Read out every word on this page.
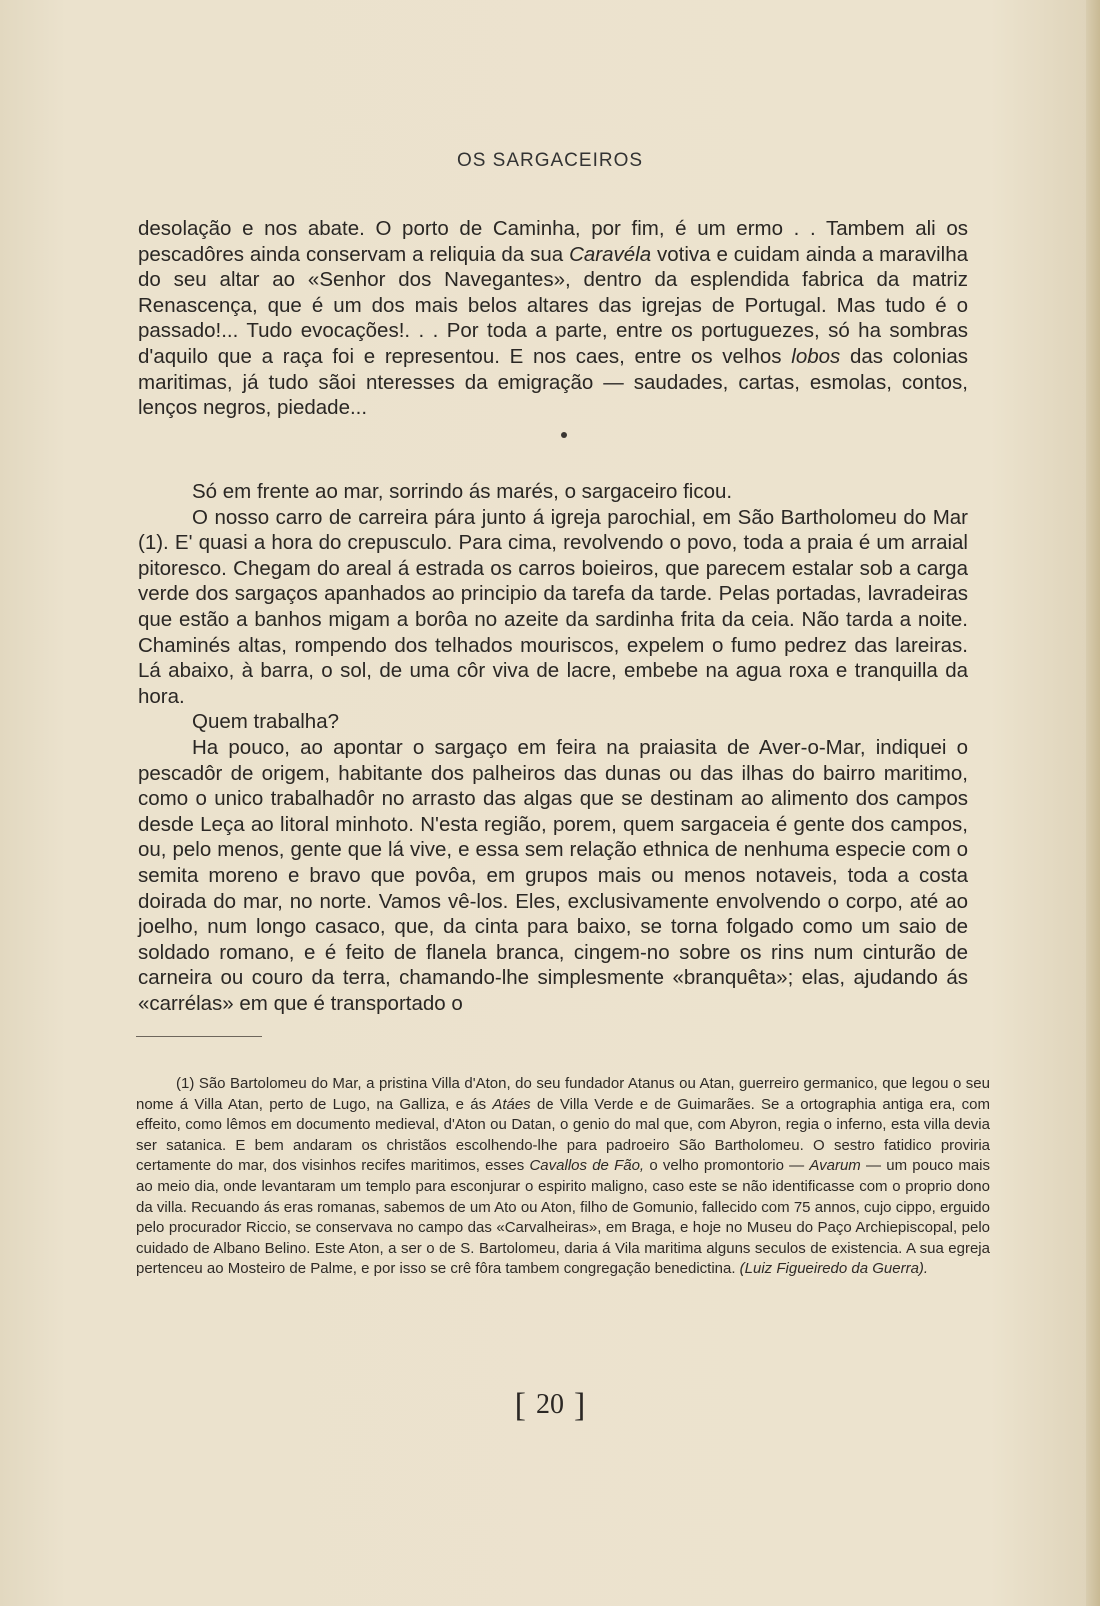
OS SARGACEIROS

desolação e nos abate. O porto de Caminha, por fim, é um ermo . . Tambem ali os pescadôres ainda conservam a reliquia da sua Caravéla votiva e cuidam ainda a maravilha do seu altar ao «Senhor dos Navegantes», dentro da esplendida fabrica da matriz Renascença, que é um dos mais belos altares das igrejas de Portugal. Mas tudo é o passado!... Tudo evocações!. . . Por toda a parte, entre os portuguezes, só ha sombras d'aquilo que a raça foi e representou. E nos caes, entre os velhos lobos das colonias maritimas, já tudo sãoi nteresses da emigração — saudades, cartas, esmolas, contos, lenços negros, piedade...

Só em frente ao mar, sorrindo ás marés, o sargaceiro ficou.

O nosso carro de carreira pára junto á igreja parochial, em São Bartholomeu do Mar (1). E' quasi a hora do crepusculo. Para cima, revolvendo o povo, toda a praia é um arraial pitoresco. Chegam do areal á estrada os carros boieiros, que parecem estalar sob a carga verde dos sargaços apanhados ao principio da tarefa da tarde. Pelas portadas, lavradeiras que estão a banhos migam a borôa no azeite da sardinha frita da ceia. Não tarda a noite. Chaminés altas, rompendo dos telhados mouriscos, expelem o fumo pedrez das lareiras. Lá abaixo, à barra, o sol, de uma côr viva de lacre, embebe na agua roxa e tranquilla da hora.

Quem trabalha?

Ha pouco, ao apontar o sargaço em feira na praiasita de Aver-o-Mar, indiquei o pescadôr de origem, habitante dos palheiros das dunas ou das ilhas do bairro maritimo, como o unico trabalhadôr no arrasto das algas que se destinam ao alimento dos campos desde Leça ao litoral minhoto. N'esta região, porem, quem sargaceia é gente dos campos, ou, pelo menos, gente que lá vive, e essa sem relação ethnica de nenhuma especie com o semita moreno e bravo que povôa, em grupos mais ou menos notaveis, toda a costa doirada do mar, no norte. Vamos vê-los. Eles, exclusivamente envolvendo o corpo, até ao joelho, num longo casaco, que, da cinta para baixo, se torna folgado como um saio de soldado romano, e é feito de flanela branca, cingem-no sobre os rins num cinturão de carneira ou couro da terra, chamando-lhe simplesmente «branquêta»; elas, ajudando ás «carrélas» em que é transportado o

(1) São Bartolomeu do Mar, a pristina Villa d'Aton, do seu fundador Atanus ou Atan, guerreiro germanico, que legou o seu nome á Villa Atan, perto de Lugo, na Galliza, e ás Atáes de Villa Verde e de Guimarães. Se a ortographia antiga era, com effeito, como lêmos em documento medieval, d'Aton ou Datan, o genio do mal que, com Abyron, regia o inferno, esta villa devia ser satanica. E bem andaram os christãos escolhendo-lhe para padroeiro São Bartholomeu. O sestro fatidico proviria certamente do mar, dos visinhos recifes maritimos, esses Cavallos de Fão, o velho promontorio — Avarum — um pouco mais ao meio dia, onde levantaram um templo para esconjurar o espirito maligno, caso este se não identificasse com o proprio dono da villa. Recuando ás eras romanas, sabemos de um Ato ou Aton, filho de Gomunio, fallecido com 75 annos, cujo cippo, erguido pelo procurador Riccio, se conservava no campo das «Carvalheiras», em Braga, e hoje no Museu do Paço Archiepiscopal, pelo cuidado de Albano Belino. Este Aton, a ser o de S. Bartolomeu, daria á Vila maritima alguns seculos de existencia. A sua egreja pertenceu ao Mosteiro de Palme, e por isso se crê fôra tambem congregação benedictina. (Luiz Figueiredo da Guerra).

[ 20 ]
